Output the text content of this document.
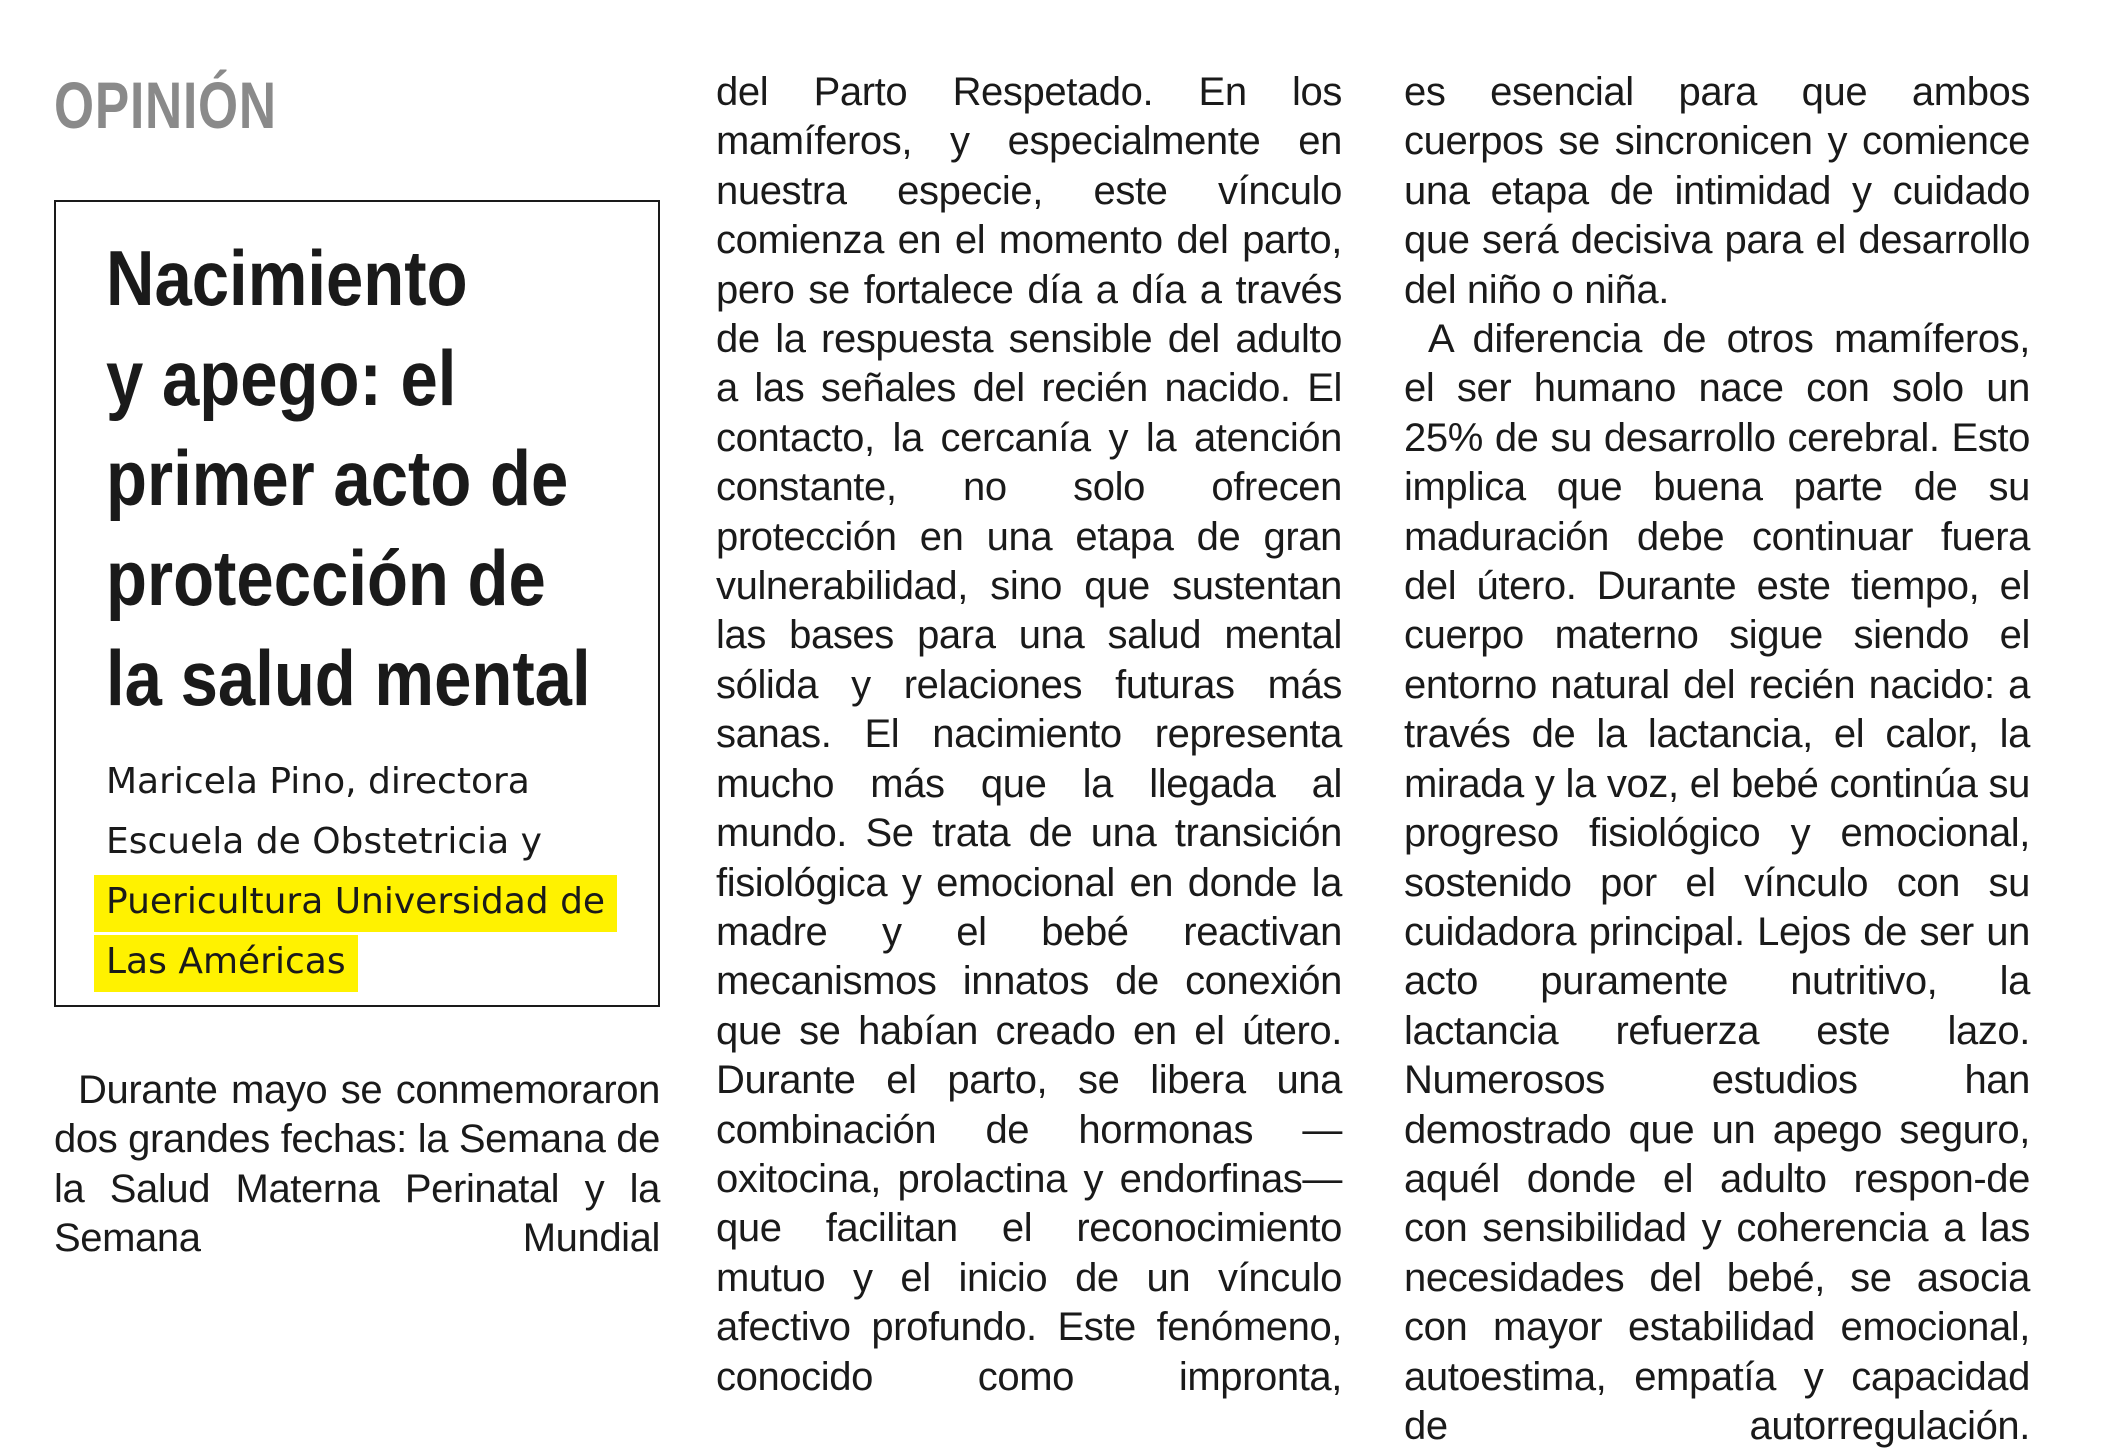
OPINIÓN
Nacimiento
y apego: el
primer acto de
protección de
la salud mental
Maricela Pino, directora
Escuela de Obstetricia y
Puericultura Universidad de
Las Américas

Durante mayo se conmemoraron dos grandes fechas: la Semana de la Salud Materna Perinatal y la Semana Mundial

del Parto Respetado. En los mamíferos, y especialmente en nuestra especie, este vínculo comienza en el momento del parto, pero se fortalece día a día a través de la respuesta sensible del adulto a las señales del recién nacido. El contacto, la cercanía y la atención constante, no solo ofrecen protección en una etapa de gran vulnerabilidad, sino que sustentan las bases para una salud mental sólida y relaciones futuras más sanas. El nacimiento representa mucho más que la llegada al mundo. Se trata de una transición fisiológica y emocional en donde la madre y el bebé reactivan mecanismos innatos de conexión que se habían creado en el útero. Durante el parto, se libera una combinación de hormonas —oxitocina, prolactina y endorfinas— que facilitan el reconocimiento mutuo y el inicio de un vínculo afectivo profundo. Este fenómeno, conocido como impronta,

es esencial para que ambos cuerpos se sincronicen y comience una etapa de intimidad y cuidado que será decisiva para el desarrollo del niño o niña.

A diferencia de otros mamíferos, el ser humano nace con solo un 25% de su desarrollo cerebral. Esto implica que buena parte de su maduración debe continuar fuera del útero. Durante este tiempo, el cuerpo materno sigue siendo el entorno natural del recién nacido: a través de la lactancia, el calor, la mirada y la voz, el bebé continúa su progreso fisiológico y emocional, sostenido por el vínculo con su cuidadora principal. Lejos de ser un acto puramente nutritivo, la lactancia refuerza este lazo. Numerosos estudios han demostrado que un apego seguro, aquél donde el adulto respon-de con sensibilidad y coherencia a las necesidades del bebé, se asocia con mayor estabilidad emocional, autoestima, empatía y capacidad de autorregulación.
